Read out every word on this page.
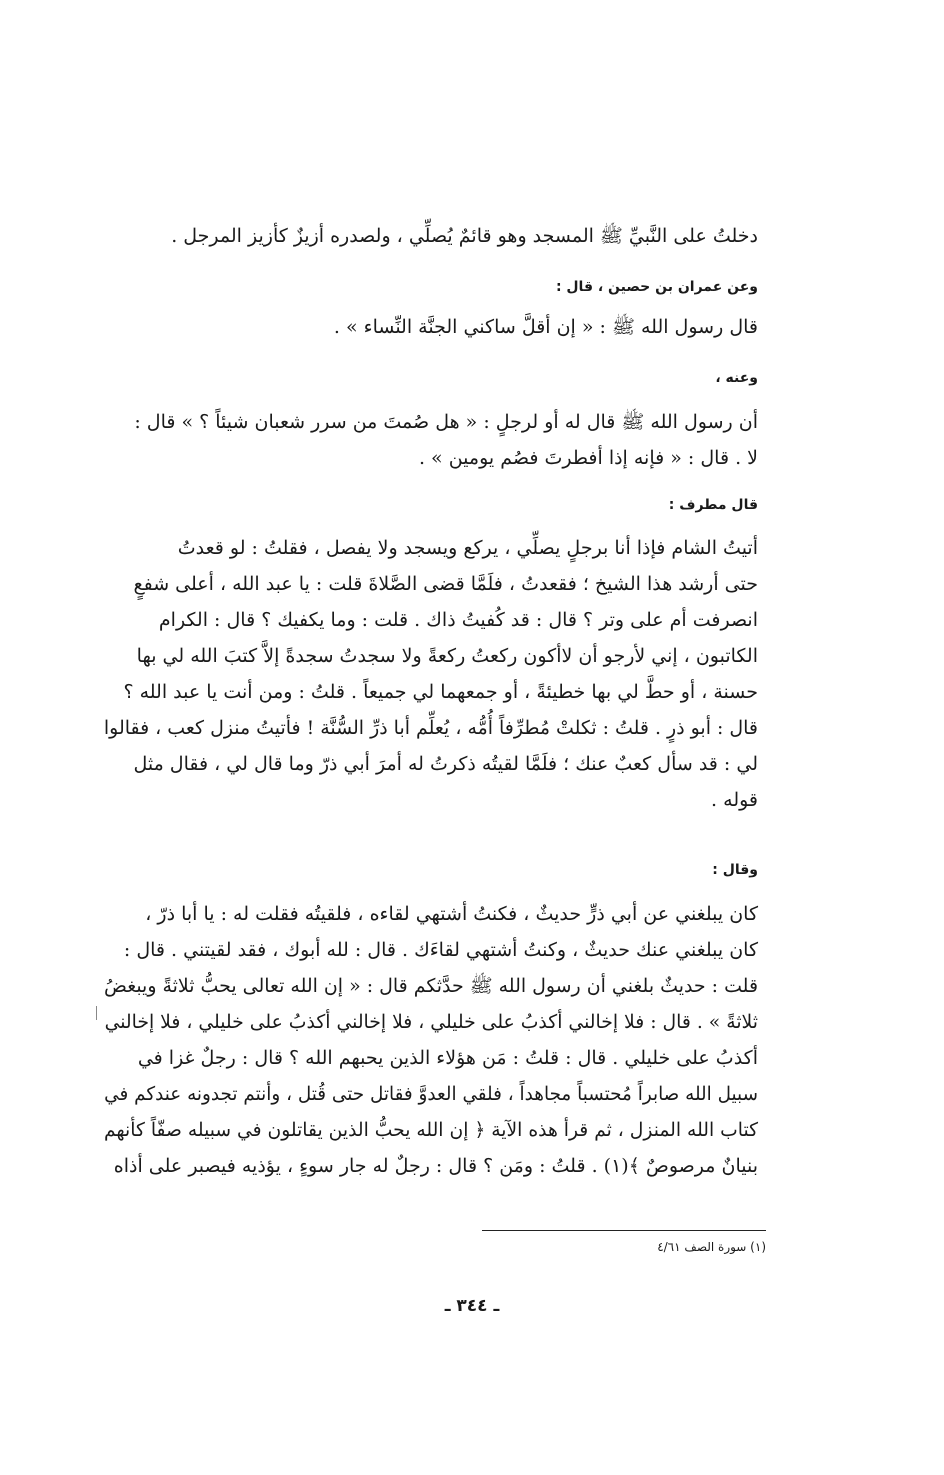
دخلتُ على النَّبيِّ ﷺ المسجد وهو قائمٌ يُصلِّي ، ولصدره أزيزٌ كأزيز المرجل .
وعن عمران بن حصين ، قال :
قال رسول الله ﷺ : « إن أقلَّ ساكني الجنَّة النِّساء » .
وعنه ،
أن رسول الله ﷺ قال له أو لرجلٍ : « هل صُمتَ من سرر شعبان شيئاً ؟ » قال :
لا . قال : « فإنه إذا أفطرتَ فصُم يومين » .
قال مطرف :
أتيتُ الشام فإذا أنا برجلٍ يصلِّي ، يركع ويسجد ولا يفصل ، فقلتُ : لو قعدتُ
حتى أرشد هذا الشيخ ؛ فقعدتُ ، فلَمَّا قضى الصَّلاةَ قلت : يا عبد الله ، أعلى شفعٍ
انصرفت أم على وتر ؟ قال : قد كُفيتُ ذاك . قلت : وما يكفيك ؟ قال : الكرام
الكاتبون ، إني لأرجو أن لاأكون ركعتُ ركعةً ولا سجدتُ سجدةً إلاَّ كتبَ الله لي بها
حسنة ، أو حطَّ لي بها خطيئةً ، أو جمعهما لي جميعاً . قلتُ : ومن أنت يا عبد الله ؟
قال : أبو ذرٍ . قلتُ : ثكلتْ مُطرِّفاً أُمُّه ، يُعلِّم أبا ذرِّ السُّنَّة ! فأتيتُ منزل كعب ، فقالوا
لي : قد سأل كعبٌ عنك ؛ فلَمَّا لقيتُه ذكرتُ له أمرَ أبي ذرّ وما قال لي ، فقال مثل
قوله .
وقال :
كان يبلغني عن أبي ذرٍّ حديثٌ ، فكنتُ أشتهي لقاءه ، فلقيتُه فقلت له : يا أبا ذرّ ،
كان يبلغني عنك حديثٌ ، وكنتُ أشتهي لقاءَك . قال : لله أبوك ، فقد لقيتني . قال :
قلت : حديثٌ بلغني أن رسول الله ﷺ حدَّثكم قال : « إن الله تعالى يحبُّ ثلاثةً ويبغضُ
ثلاثةً » . قال : فلا إخالني أكذبُ على خليلي ، فلا إخالني أكذبُ على خليلي ، فلا إخالني
أكذبُ على خليلي . قال : قلتُ : مَن هؤلاء الذين يحبهم الله ؟ قال : رجلٌ غزا في
سبيل الله صابراً مُحتسباً مجاهداً ، فلقي العدوَّ فقاتل حتى قُتل ، وأنتم تجدونه عندكم في
كتاب الله المنزل ، ثم قرأ هذه الآية ﴿ إن الله يحبُّ الذين يقاتلون في سبيله صفّاً كأنهم
بنيانٌ مرصوصٌ ﴾(١) . قلتُ : ومَن ؟ قال : رجلٌ له جار سوءٍ ، يؤذيه فيصبر على أذاه
(١) سورة الصف ٤/٦١
ـ ٣٤٤ ـ
